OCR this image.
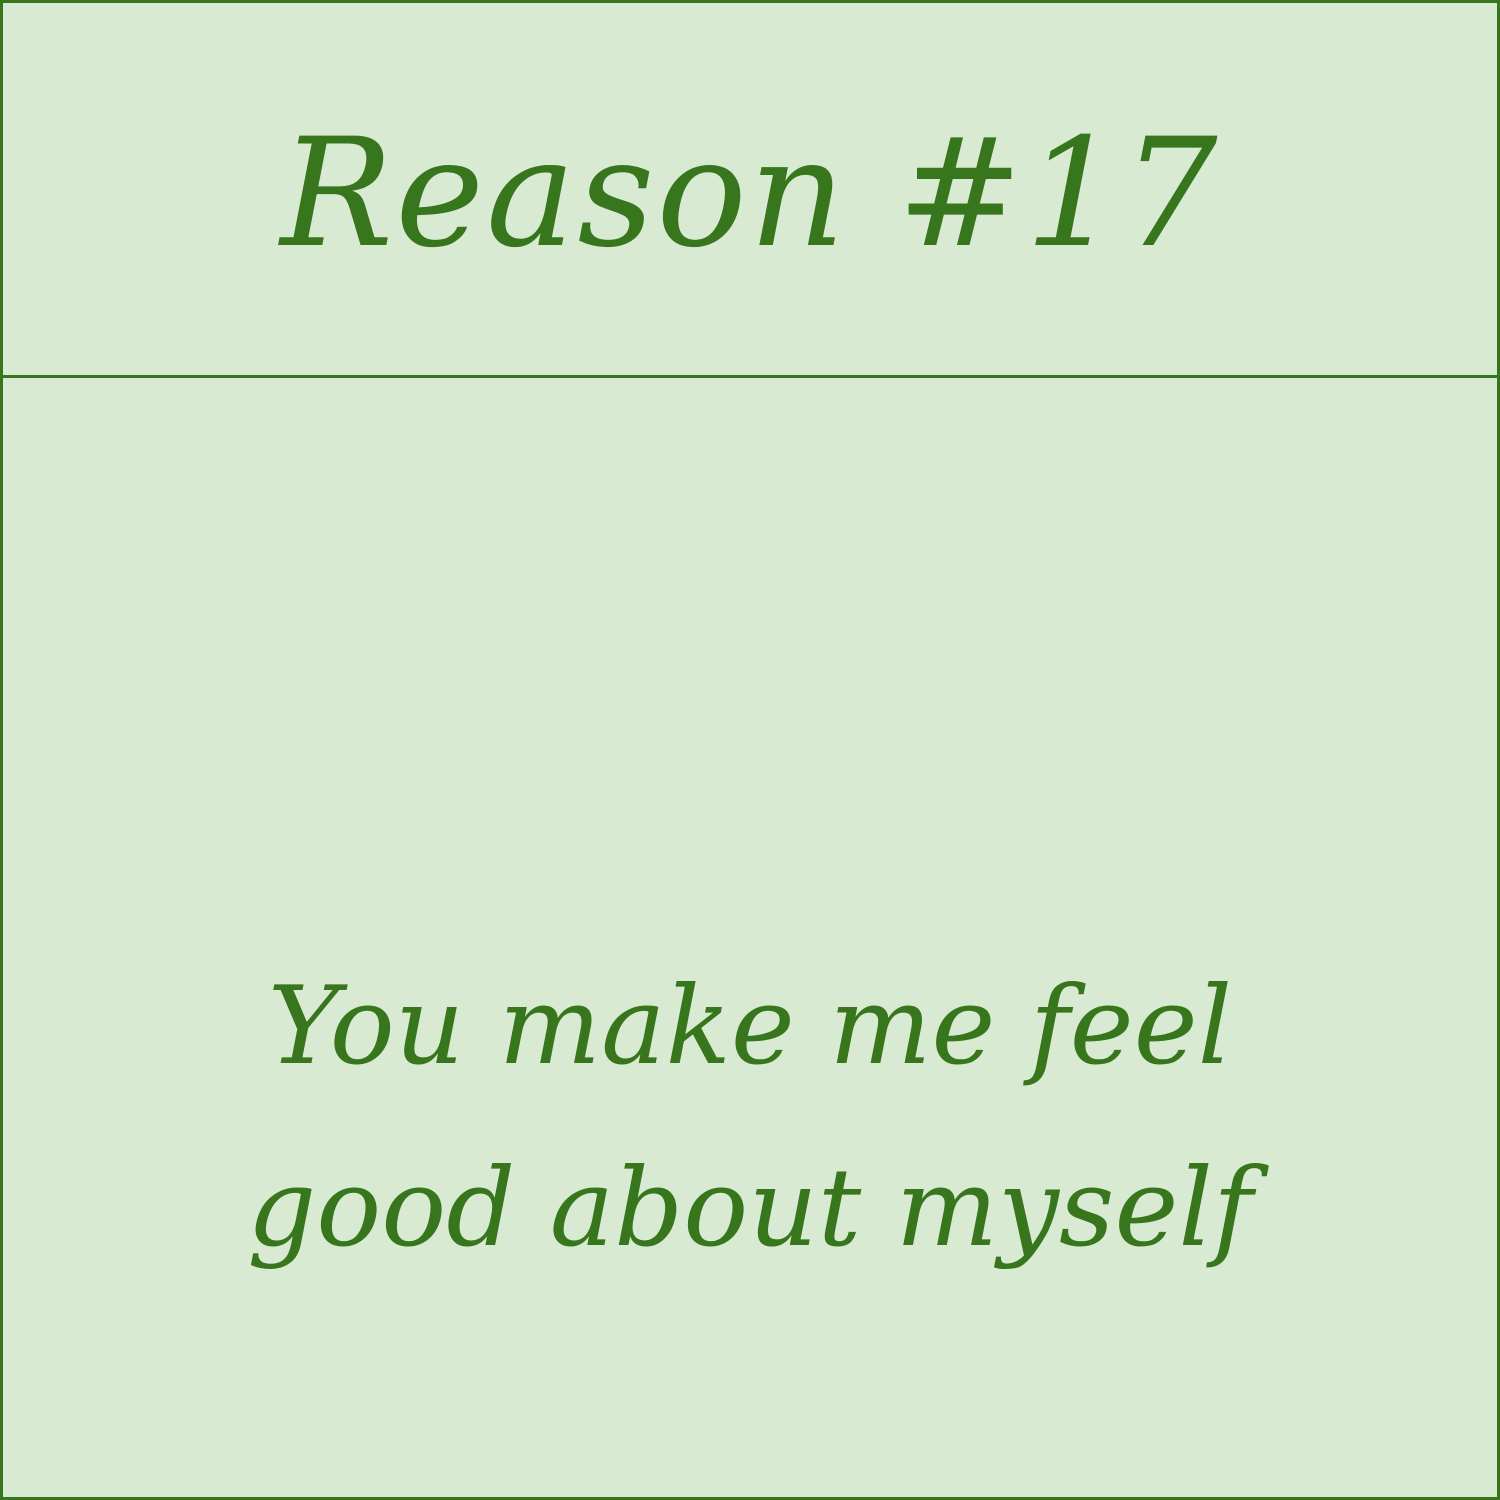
Reason #17
You make me feel good about myself
